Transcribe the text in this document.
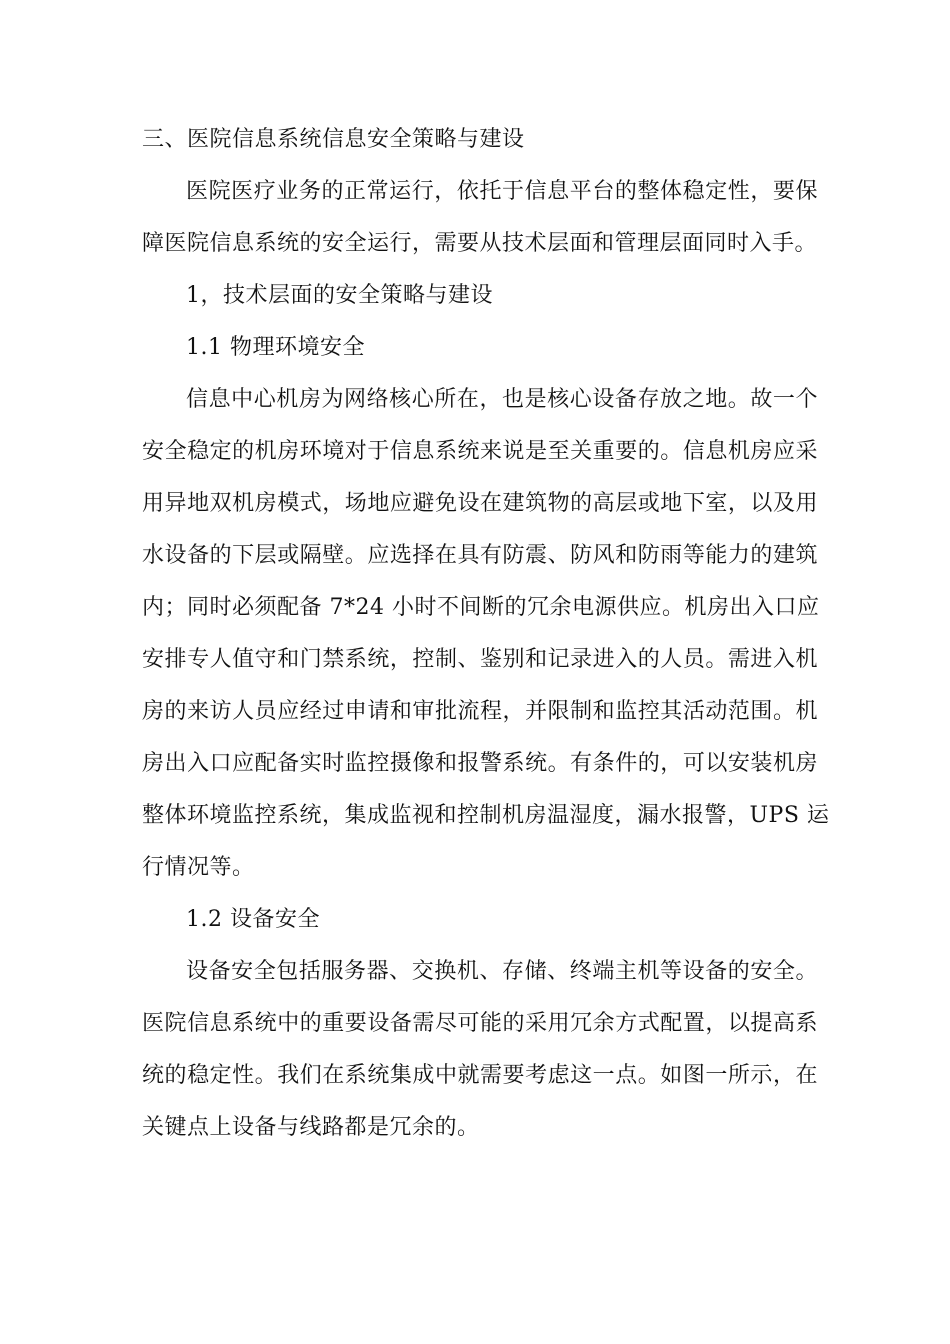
三、医院信息系统信息安全策略与建设
医院医疗业务的正常运行，依托于信息平台的整体稳定性，要保
障医院信息系统的安全运行，需要从技术层面和管理层面同时入手。
1，技术层面的安全策略与建设
1.1 物理环境安全
信息中心机房为网络核心所在，也是核心设备存放之地。故一个
安全稳定的机房环境对于信息系统来说是至关重要的。信息机房应采
用异地双机房模式，场地应避免设在建筑物的高层或地下室，以及用
水设备的下层或隔壁。应选择在具有防震、防风和防雨等能力的建筑
内；同时必须配备 7*24 小时不间断的冗余电源供应。机房出入口应
安排专人值守和门禁系统，控制、鉴别和记录进入的人员。需进入机
房的来访人员应经过申请和审批流程，并限制和监控其活动范围。机
房出入口应配备实时监控摄像和报警系统。有条件的，可以安装机房
整体环境监控系统，集成监视和控制机房温湿度，漏水报警，UPS 运
行情况等。
1.2 设备安全
设备安全包括服务器、交换机、存储、终端主机等设备的安全。
医院信息系统中的重要设备需尽可能的采用冗余方式配置，以提高系
统的稳定性。我们在系统集成中就需要考虑这一点。如图一所示，在
关键点上设备与线路都是冗余的。
